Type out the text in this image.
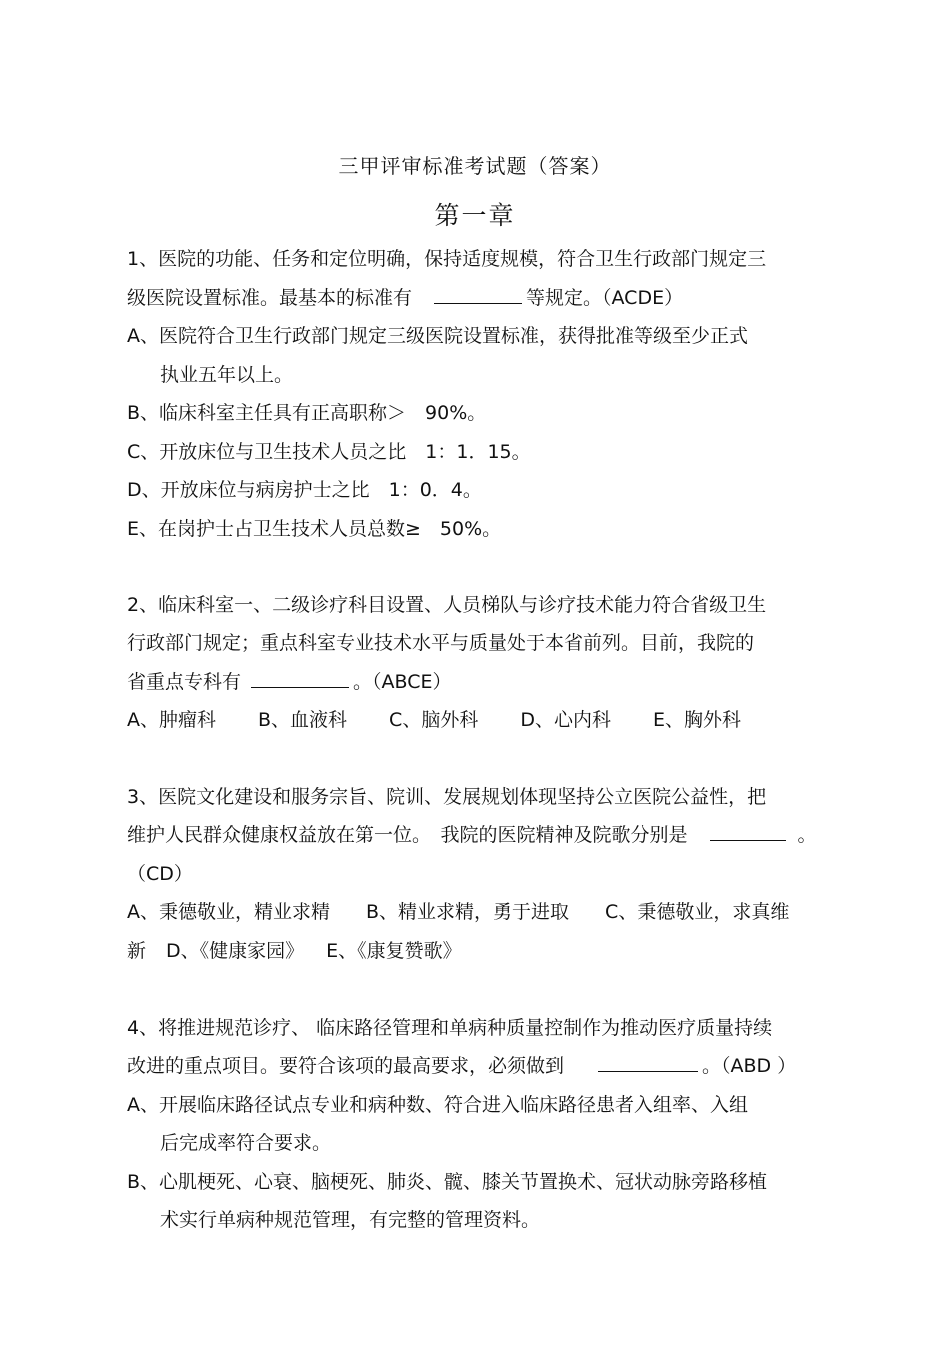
三甲评审标准考试题（答案）
第一章
1、医院的功能、任务和定位明确，保持适度规模，符合卫生行政部门规定三
级医院设置标准。最基本的标准有	等规定。（ACDE）
A、医院符合卫生行政部门规定三级医院设置标准，获得批准等级至少正式
执业五年以上。
B、临床科室主任具有正高职称＞　90%。
C、开放床位与卫生技术人员之比　1：1．15。
D、开放床位与病房护士之比　1：0．4。
E、在岗护士占卫生技术人员总数≥　50%。
2、临床科室一、二级诊疗科目设置、人员梯队与诊疗技术能力符合省级卫生
行政部门规定；重点科室专业技术水平与质量处于本省前列。目前，我院的
省重点专科有	。（ABCE）
A、肿瘤科 B、血液科 C、脑外科 D、心内科 E、胸外科
3、医院文化建设和服务宗旨、院训、发展规划体现坚持公立医院公益性，把
维护人民群众健康权益放在第一位。　我院的医院精神及院歌分别是	。
（CD）
A、秉德敬业，精业求精 B、精业求精，勇于进取 C、秉德敬业，求真维
新 D、《健康家园》 E、《康复赞歌》
4、将推进规范诊疗、 临床路径管理和单病种质量控制作为推动医疗质量持续
改进的重点项目。要符合该项的最高要求，必须做到	。（ABD ）
A、开展临床路径试点专业和病种数、符合进入临床路径患者入组率、入组
后完成率符合要求。
B、心肌梗死、心衰、脑梗死、肺炎、髋、膝关节置换术、冠状动脉旁路移植
术实行单病种规范管理，有完整的管理资料。
